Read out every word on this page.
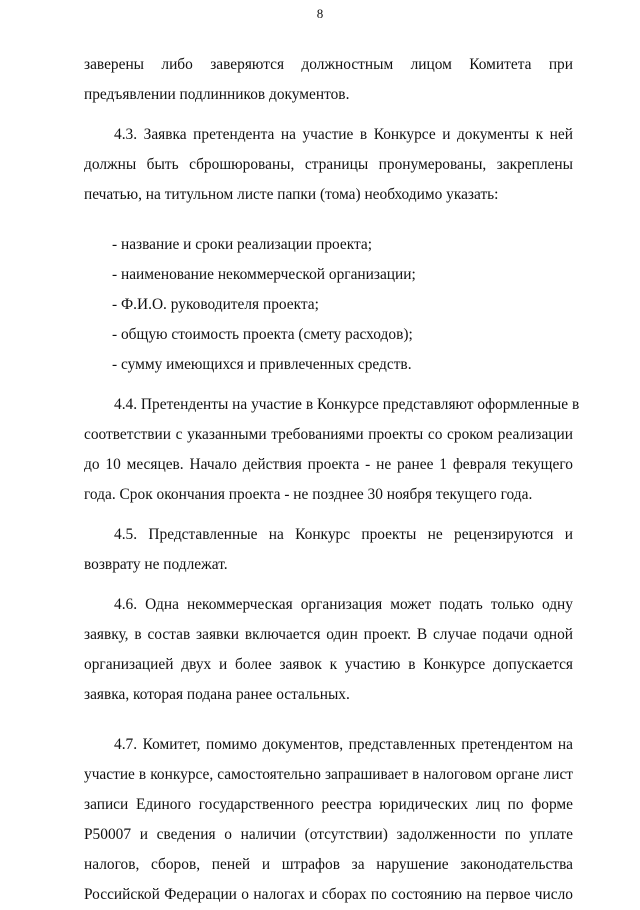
8
заверены либо заверяются должностным лицом Комитета при
предъявлении подлинников документов.
4.3. Заявка претендента на участие в Конкурсе и документы к ней
должны быть сброшюрованы, страницы пронумерованы, закреплены
печатью, на титульном листе папки (тома) необходимо указать:
- название и сроки реализации проекта;
- наименование некоммерческой организации;
- Ф.И.О. руководителя проекта;
- общую стоимость проекта (смету расходов);
- сумму имеющихся и привлеченных средств.
4.4. Претенденты на участие в Конкурсе представляют оформленные в
соответствии с указанными требованиями проекты со сроком реализации
до 10 месяцев. Начало действия проекта - не ранее 1 февраля текущего
года. Срок окончания проекта - не позднее 30 ноября текущего года.
4.5. Представленные на Конкурс проекты не рецензируются и
возврату не подлежат.
4.6. Одна некоммерческая организация может подать только одну
заявку, в состав заявки включается один проект. В случае подачи одной
организацией двух и более заявок к участию в Конкурсе допускается
заявка, которая подана ранее остальных.
4.7. Комитет, помимо документов, представленных претендентом на
участие в конкурсе, самостоятельно запрашивает в налоговом органе лист
записи Единого государственного реестра юридических лиц по форме
Р50007 и сведения о наличии (отсутствии) задолженности по уплате
налогов, сборов, пеней и штрафов за нарушение законодательства
Российской Федерации о налогах и сборах по состоянию на первое число
